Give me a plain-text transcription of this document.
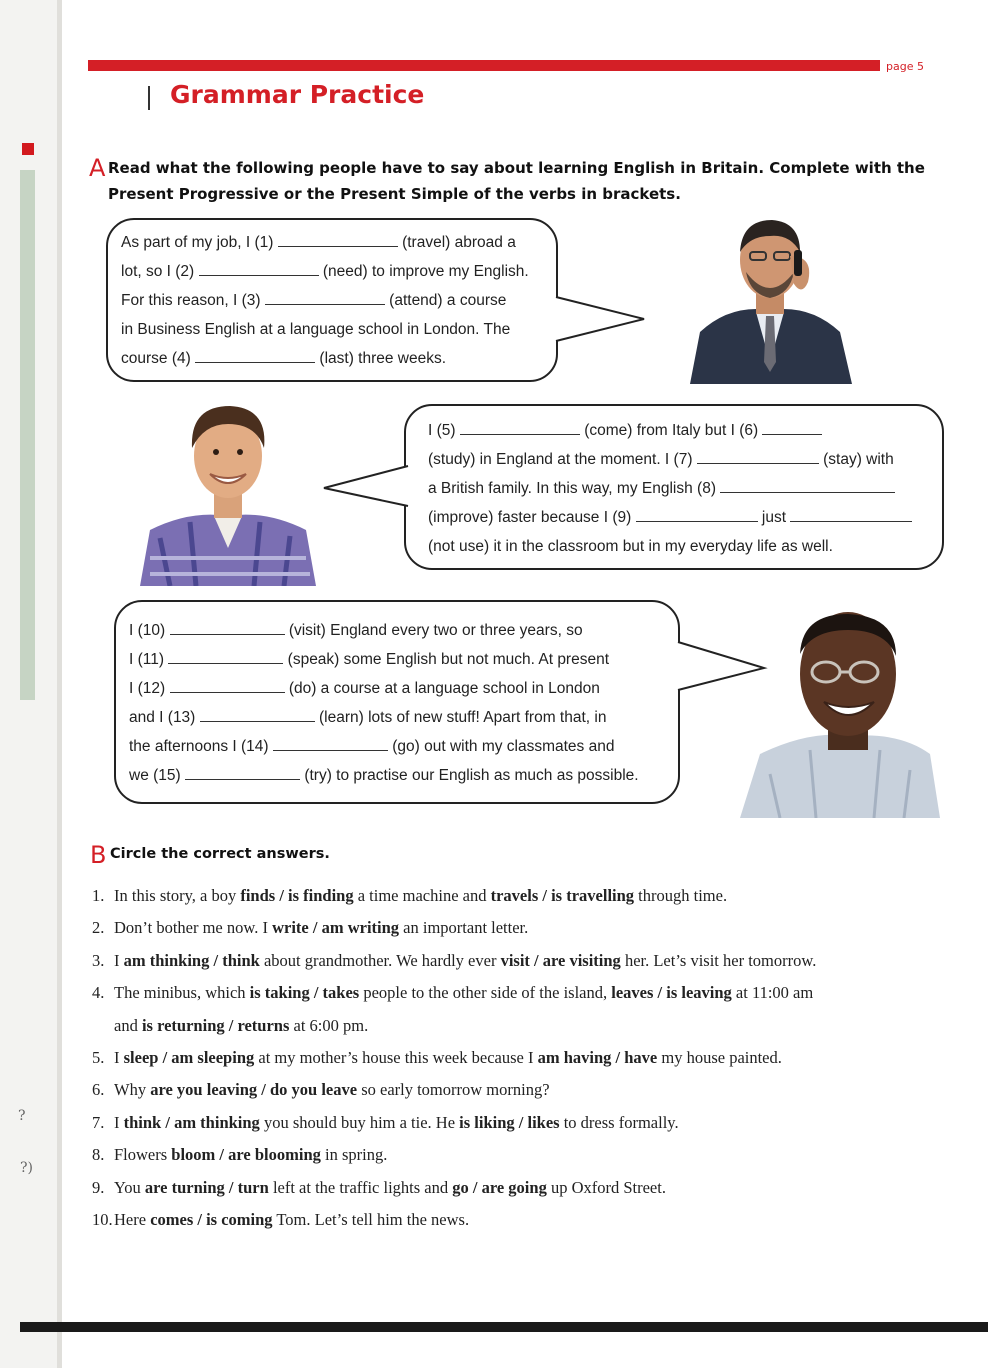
?
?)
page 5
Grammar Practice
A Read what the following people have to say about learning English in Britain. Complete with the
Present Progressive or the Present Simple of the verbs in brackets.
As part of my job, I (1)	(travel) abroad a
lot, so I (2)	(need) to improve my English.
For this reason, I (3)	(attend) a course
in Business English at a language school in London. The
course (4)	(last) three weeks.
I (5)	(come) from Italy but I (6)
(study) in England at the moment. I (7)	(stay) with
a British family. In this way, my English (8)
(improve) faster because I (9)	just
(not use) it in the classroom but in my everyday life as well.
I (10)	(visit) England every two or three years, so
I (11)	(speak) some English but not much. At present
I (12)	(do) a course at a language school in London
and I (13)	(learn) lots of new stuff! Apart from that, in
the afternoons I (14)	(go) out with my classmates and
we (15)	(try) to practise our English as much as possible.
B Circle the correct answers.
1. In this story, a boy finds / is finding a time machine and travels / is travelling through time.
2. Don’t bother me now. I write / am writing an important letter.
3. I am thinking / think about grandmother. We hardly ever visit / are visiting her. Let’s visit her tomorrow.
4. The minibus, which is taking / takes people to the other side of the island, leaves / is leaving at 11:00 am
and is returning / returns at 6:00 pm.
5. I sleep / am sleeping at my mother’s house this week because I am having / have my house painted.
6. Why are you leaving / do you leave so early tomorrow morning?
7. I think / am thinking you should buy him a tie. He is liking / likes to dress formally.
8. Flowers bloom / are blooming in spring.
9. You are turning / turn left at the traffic lights and go / are going up Oxford Street.
10.Here comes / is coming Tom. Let’s tell him the news.
